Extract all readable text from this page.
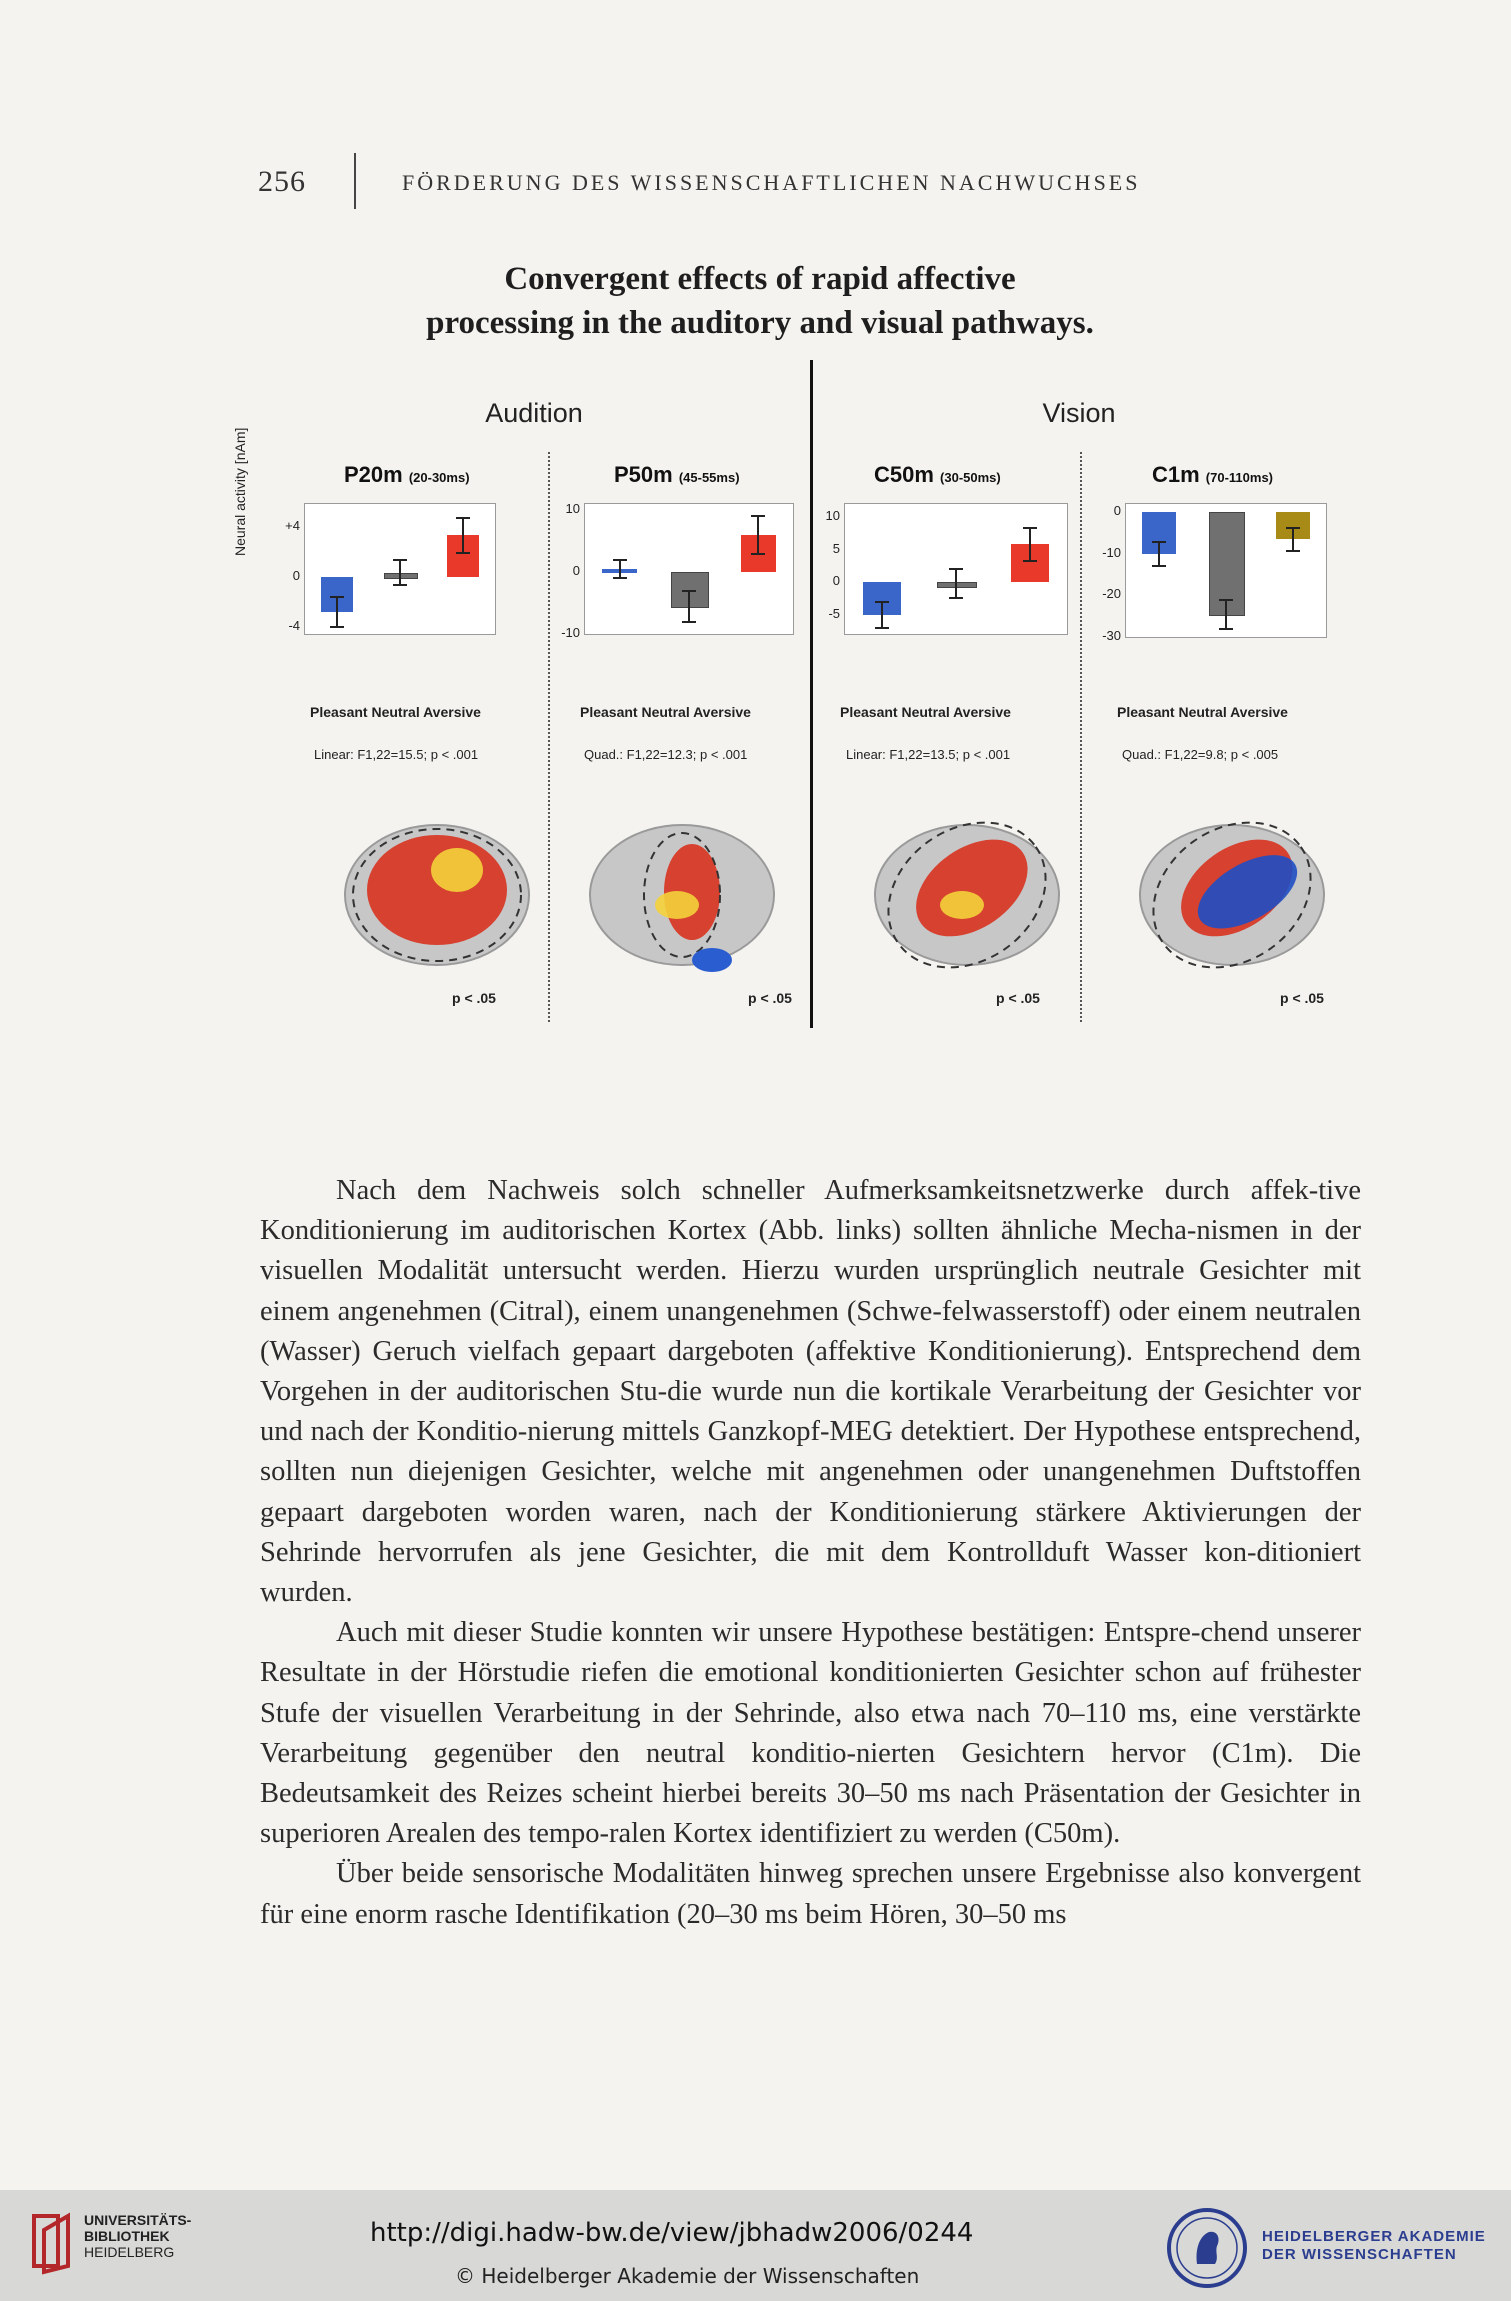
256	FÖRDERUNG DES WISSENSCHAFTLICHEN NACHWUCHSES
Convergent effects of rapid affective
processing in the auditory and visual pathways.
Audition	Vision
Neural activity [nAm]	P20m (20-30ms)
+4
0
-4
Pleasant Neutral Aversive
Linear: F1,22=15.5; p < .001
p < .05
P50m (45-55ms)
10
0
-10
Pleasant Neutral Aversive
Quad.: F1,22=12.3; p < .001
p < .05
C50m (30-50ms)
10
5
0
-5
Pleasant Neutral Aversive
Linear: F1,22=13.5; p < .001
p < .05
C1m (70-110ms)
0
-10
-20
-30
Pleasant Neutral Aversive
Quad.: F1,22=9.8; p < .005
p < .05

Nach dem Nachweis solch schneller Aufmerksamkeitsnetzwerke durch affek-tive Konditionierung im auditorischen Kortex (Abb. links) sollten ähnliche Mecha-nismen in der visuellen Modalität untersucht werden. Hierzu wurden ursprünglich neutrale Gesichter mit einem angenehmen (Citral), einem unangenehmen (Schwe-felwasserstoff) oder einem neutralen (Wasser) Geruch vielfach gepaart dargeboten (affektive Konditionierung). Entsprechend dem Vorgehen in der auditorischen Stu-die wurde nun die kortikale Verarbeitung der Gesichter vor und nach der Konditio-nierung mittels Ganzkopf-MEG detektiert. Der Hypothese entsprechend, sollten nun diejenigen Gesichter, welche mit angenehmen oder unangenehmen Duftstoffen gepaart dargeboten worden waren, nach der Konditionierung stärkere Aktivierungen der Sehrinde hervorrufen als jene Gesichter, die mit dem Kontrollduft Wasser kon-ditioniert wurden.

Auch mit dieser Studie konnten wir unsere Hypothese bestätigen: Entspre-chend unserer Resultate in der Hörstudie riefen die emotional konditionierten Gesichter schon auf frühester Stufe der visuellen Verarbeitung in der Sehrinde, also etwa nach 70–110 ms, eine verstärkte Verarbeitung gegenüber den neutral konditio-nierten Gesichtern hervor (C1m). Die Bedeutsamkeit des Reizes scheint hierbei bereits 30–50 ms nach Präsentation der Gesichter in superioren Arealen des tempo-ralen Kortex identifiziert zu werden (C50m).

Über beide sensorische Modalitäten hinweg sprechen unsere Ergebnisse also konvergent für eine enorm rasche Identifikation (20–30 ms beim Hören, 30–50 ms

UNIVERSITÄTS-
BIBLIOTHEK
HEIDELBERG
http://digi.hadw-bw.de/view/jbhadw2006/0244
© Heidelberger Akademie der Wissenschaften
HEIDELBERGER AKADEMIE
DER WISSENSCHAFTEN
